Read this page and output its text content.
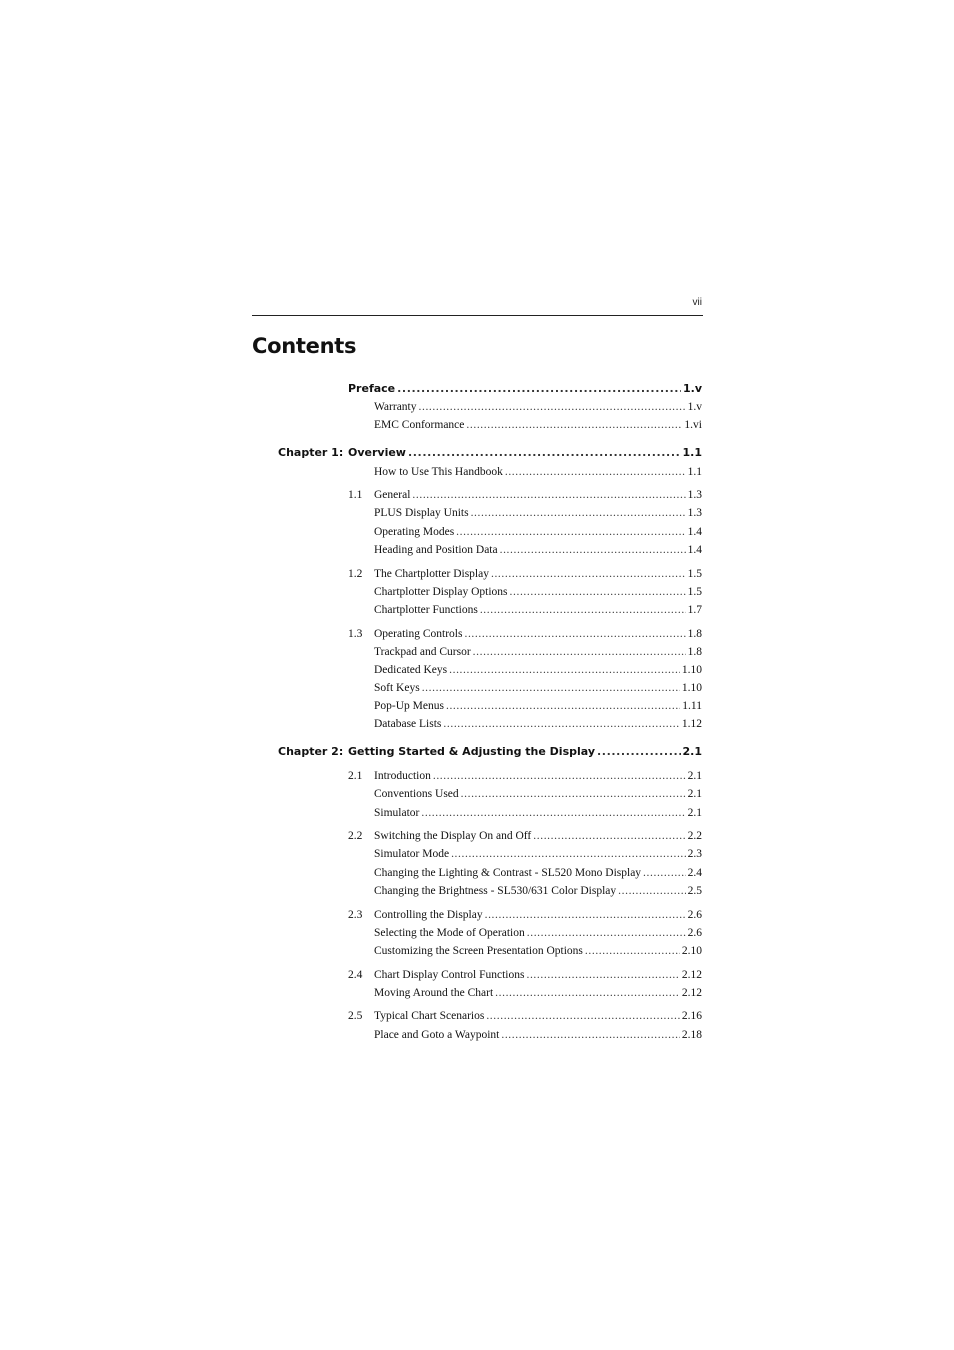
vii
Contents
Preface .....	1.v
Warranty .....	1.v
EMC Conformance .....	1.vi
Chapter 1: Overview .....	1.1
How to Use This Handbook .....	1.1
1.1 General .....	1.3
PLUS Display Units .....	1.3
Operating Modes .....	1.4
Heading and Position Data .....	1.4
1.2 The Chartplotter Display .....	1.5
Chartplotter Display Options .....	1.5
Chartplotter Functions .....	1.7
1.3 Operating Controls .....	1.8
Trackpad and Cursor .....	1.8
Dedicated Keys .....	1.10
Soft Keys .....	1.10
Pop-Up Menus .....	1.11
Database Lists .....	1.12
Chapter 2: Getting Started & Adjusting the Display .....	2.1
2.1 Introduction .....	2.1
Conventions Used .....	2.1
Simulator .....	2.1
2.2 Switching the Display On and Off .....	2.2
Simulator Mode .....	2.3
Changing the Lighting & Contrast - SL520 Mono Display .....	2.4
Changing the Brightness - SL530/631 Color Display .....	2.5
2.3 Controlling the Display .....	2.6
Selecting the Mode of Operation .....	2.6
Customizing the Screen Presentation Options .....	2.10
2.4 Chart Display Control Functions .....	2.12
Moving Around the Chart .....	2.12
2.5 Typical Chart Scenarios .....	2.16
Place and Goto a Waypoint .....	2.18
